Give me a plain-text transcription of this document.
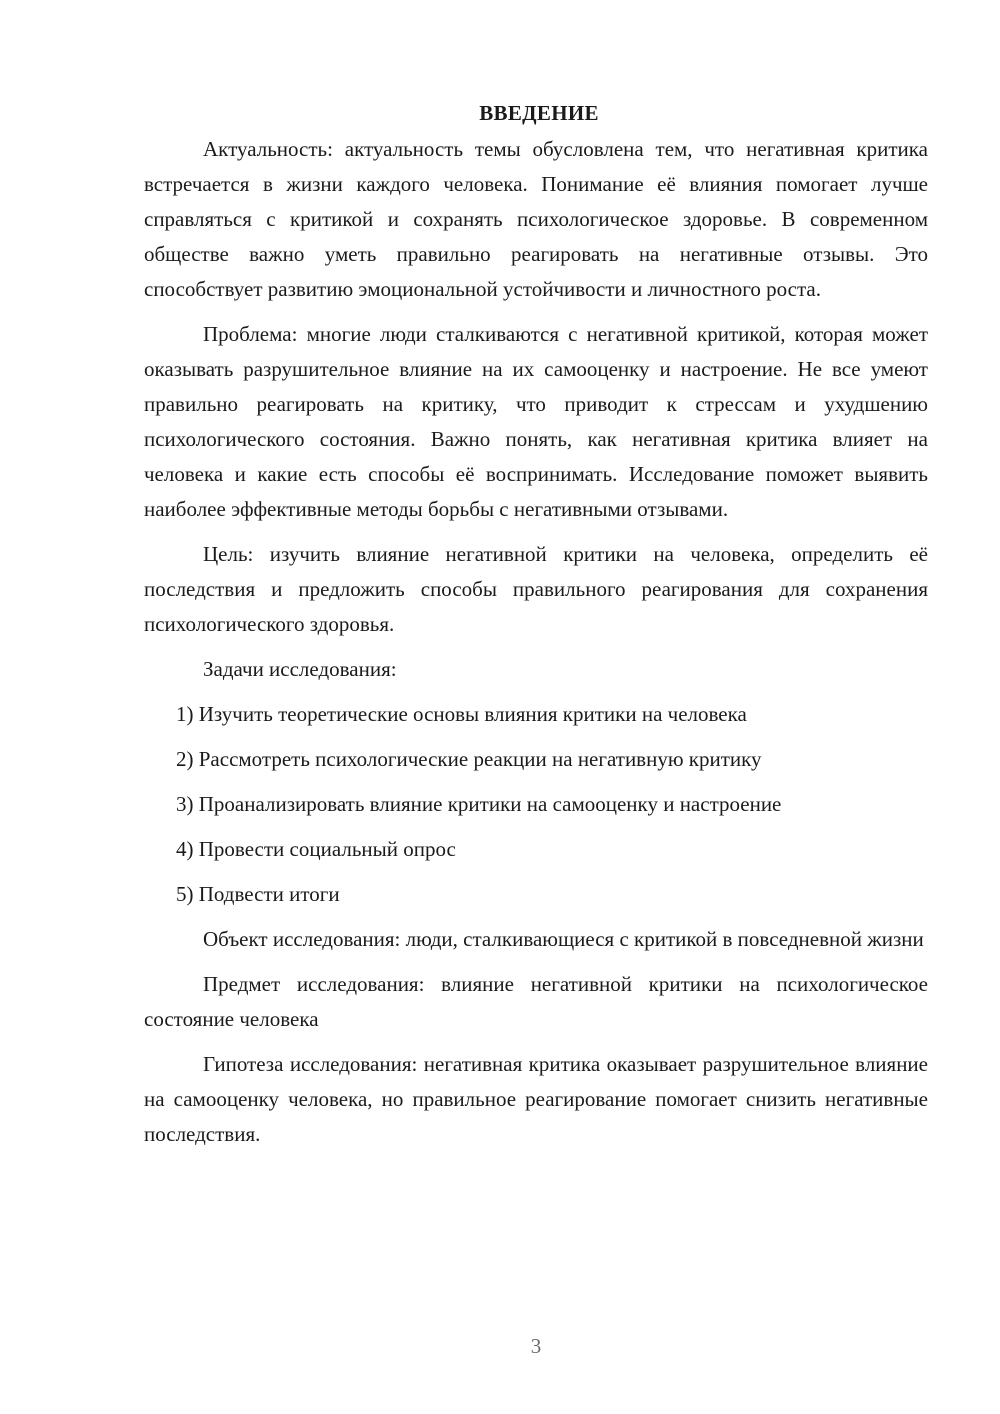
ВВЕДЕНИЕ

Актуальность: актуальность темы обусловлена тем, что негативная критика встречается в жизни каждого человека. Понимание её влияния помогает лучше справляться с критикой и сохранять психологическое здоровье. В современном обществе важно уметь правильно реагировать на негативные отзывы. Это способствует развитию эмоциональной устойчивости и личностного роста.

Проблема: многие люди сталкиваются с негативной критикой, которая может оказывать разрушительное влияние на их самооценку и настроение. Не все умеют правильно реагировать на критику, что приводит к стрессам и ухудшению психологического состояния. Важно понять, как негативная критика влияет на человека и какие есть способы её воспринимать. Исследование поможет выявить наиболее эффективные методы борьбы с негативными отзывами.

Цель: изучить влияние негативной критики на человека, определить её последствия и предложить способы правильного реагирования для сохранения психологического здоровья.

Задачи исследования:

1) Изучить теоретические основы влияния критики на человека

2) Рассмотреть психологические реакции на негативную критику

3) Проанализировать влияние критики на самооценку и настроение

4) Провести социальный опрос

5) Подвести итоги

Объект исследования: люди, сталкивающиеся с критикой в повседневной жизни

Предмет исследования: влияние негативной критики на психологическое состояние человека

Гипотеза исследования: негативная критика оказывает разрушительное влияние на самооценку человека, но правильное реагирование помогает снизить негативные последствия.

3
